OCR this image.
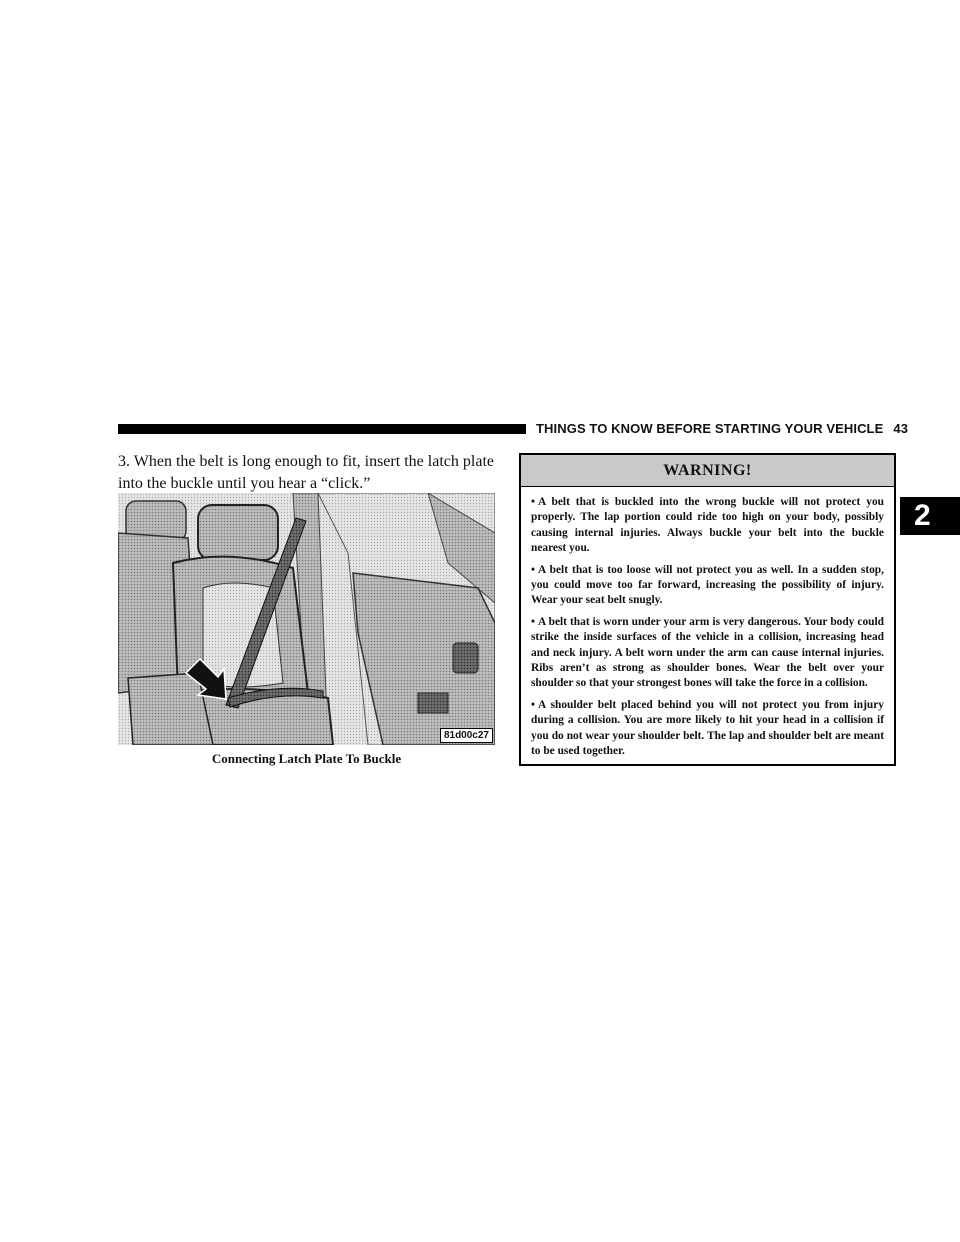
THINGS TO KNOW BEFORE STARTING YOUR VEHICLE 43
2
3. When the belt is long enough to fit, insert the latch plate into the buckle until you hear a “click.”
81d00c27
Connecting Latch Plate To Buckle
WARNING!
• A belt that is buckled into the wrong buckle will not protect you properly. The lap portion could ride too high on your body, possibly causing internal injuries. Always buckle your belt into the buckle nearest you.
• A belt that is too loose will not protect you as well. In a sudden stop, you could move too far forward, increasing the possibility of injury. Wear your seat belt snugly.
• A belt that is worn under your arm is very dangerous. Your body could strike the inside surfaces of the vehicle in a collision, increasing head and neck injury. A belt worn under the arm can cause internal injuries. Ribs aren’t as strong as shoulder bones. Wear the belt over your shoulder so that your strongest bones will take the force in a collision.
• A shoulder belt placed behind you will not protect you from injury during a collision. You are more likely to hit your head in a collision if you do not wear your shoulder belt. The lap and shoulder belt are meant to be used together.
